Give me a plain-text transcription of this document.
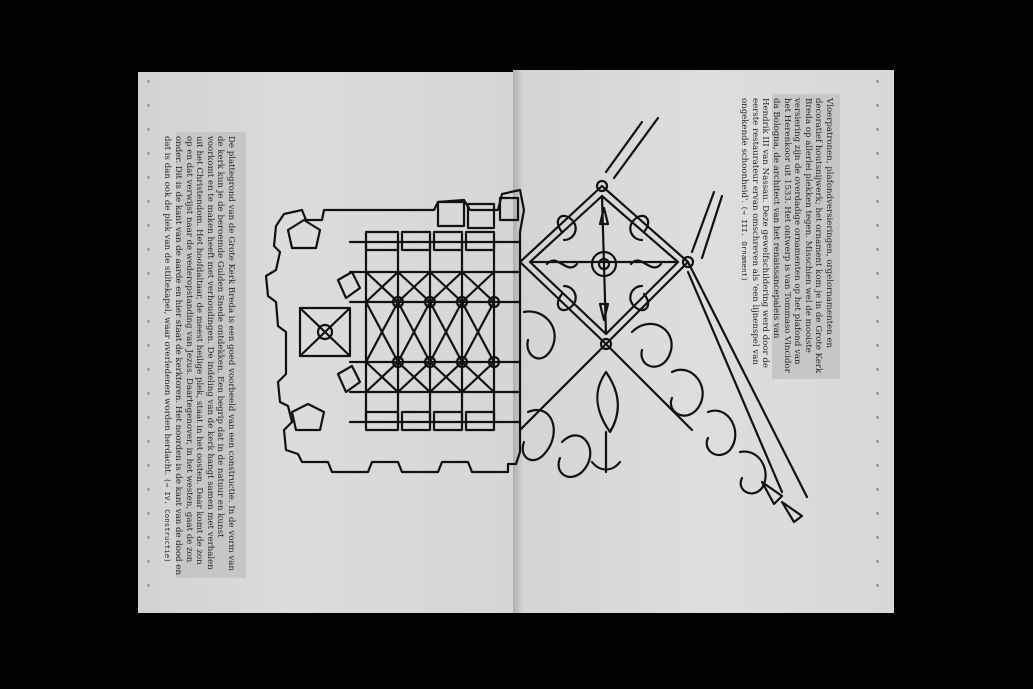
De plattegrond van de Grote Kerk Breda is een goed voorbeeld van een constructie. In de vorm van de kerk kun je de beroemde Gulden Snede ontdekken. Een begrip dat in de natuur en kunst voorkomt en te maken heeft met verhoudingen. De indeling van de kerk hangt samen met verhalen uit het Christendom. Het hoofdaltaar, de meest heilige plek, staat in het oosten. Daar komt de zon op en dat verwijst naar de wederopstanding van Jezus. Daartegenover, in het westen, gaat de zon onder. Dit is de kant van de aarde en hier staat de kerktoren. Het noorden is de kant van de dood en dat is dan ook de plek van de stiltekapel, waar overledenen worden herdacht. (→ IV. Constructie)
Vloerpatronen, plafondversieringen, orgelornamenten en decoratief houtsnijwerk; het ornament kom je in de Grote Kerk Breda op allerlei plekken tegen. Misschien wel de mooiste versiering zijn de overdadige ornamenten op het plafond van het Herenkoor uit 1533. Het ontwerp is van Tommaso Vincidor da Bologna, de architect van het renaissancepaleis van Hendrik III van Nassau. Deze gewelfschildering werd door de eerste restaurateur ervan omschreven als 'een lijnenspel van ongekende schoonheid'. (→ III. Ornament)
